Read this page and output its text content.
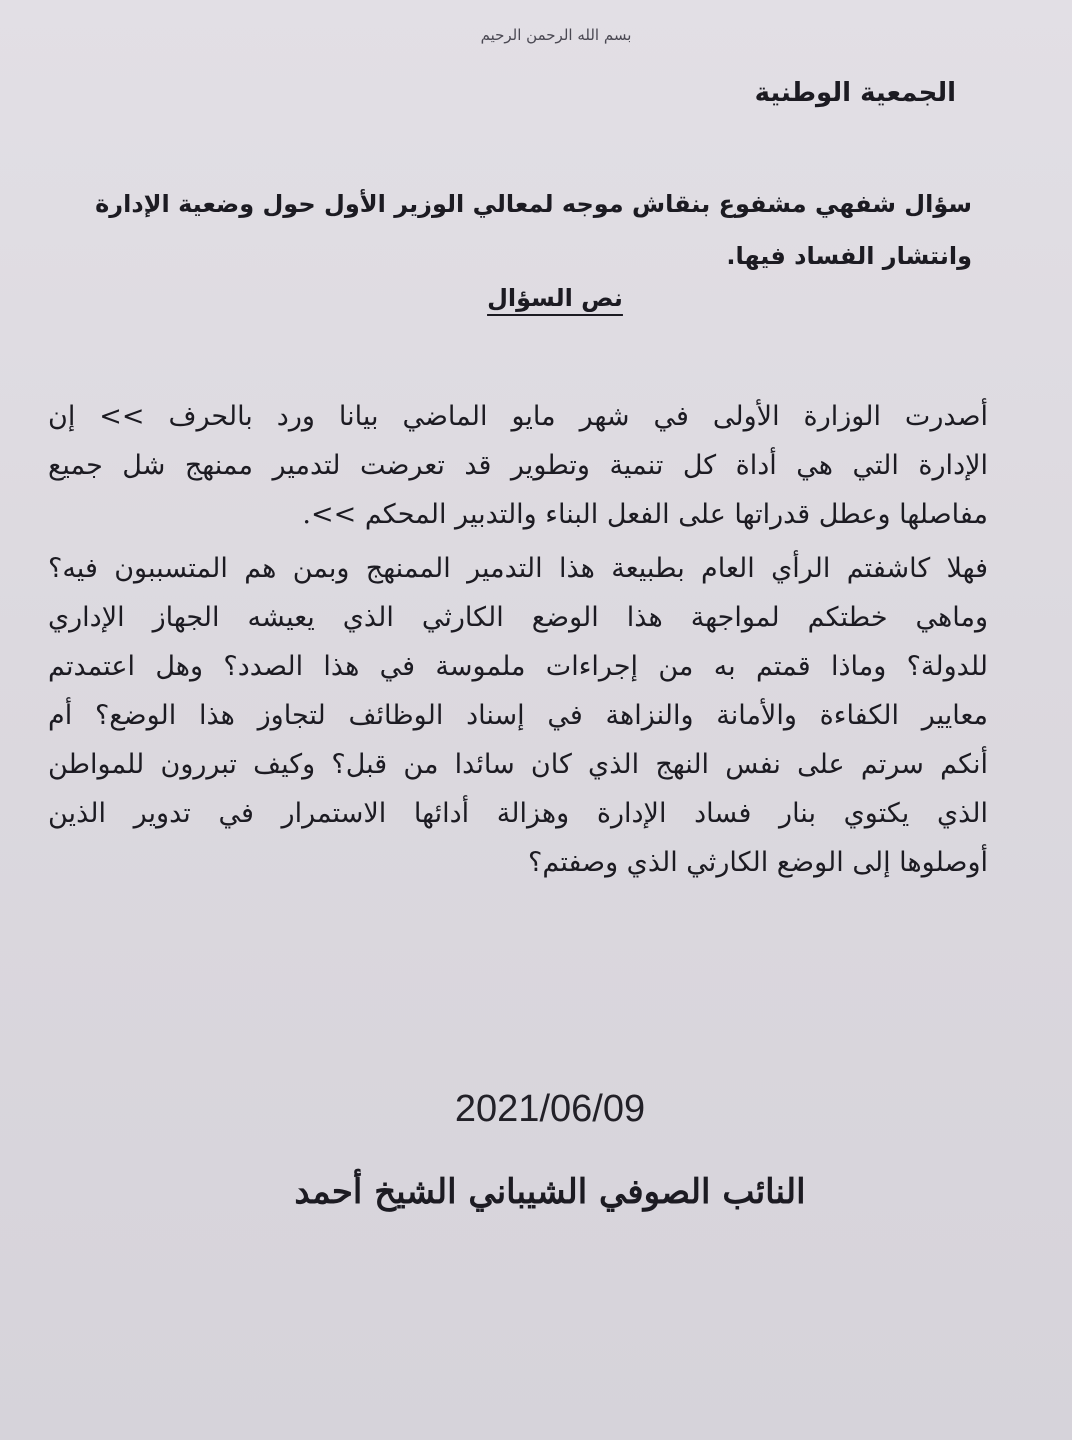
بسم الله الرحمن الرحيم
الجمعية الوطنية
سؤال شفهي مشفوع بنقاش موجه لمعالي الوزير الأول حول وضعية الإدارة
وانتشار الفساد فيها.
نص السؤال
أصدرت الوزارة الأولى في شهر مايو الماضي بيانا ورد بالحرف >> إن
الإدارة التي هي أداة كل تنمية وتطوير قد تعرضت لتدمير ممنهج شل جميع
مفاصلها وعطل قدراتها على الفعل البناء والتدبير المحكم >>.
فهلا كاشفتم الرأي العام بطبيعة هذا التدمير الممنهج وبمن هم المتسببون فيه؟
وماهي خطتكم لمواجهة هذا الوضع الكارثي الذي يعيشه الجهاز الإداري
للدولة؟ وماذا قمتم به من إجراءات ملموسة في هذا الصدد؟ وهل اعتمدتم
معايير الكفاءة والأمانة والنزاهة في إسناد الوظائف لتجاوز هذا الوضع؟ أم
أنكم سرتم على نفس النهج الذي كان سائدا من قبل؟ وكيف تبررون للمواطن
الذي يكتوي بنار فساد الإدارة وهزالة أدائها الاستمرار في تدوير الذين
أوصلوها إلى الوضع الكارثي الذي وصفتم؟
2021/06/09
النائب الصوفي الشيباني الشيخ أحمد
